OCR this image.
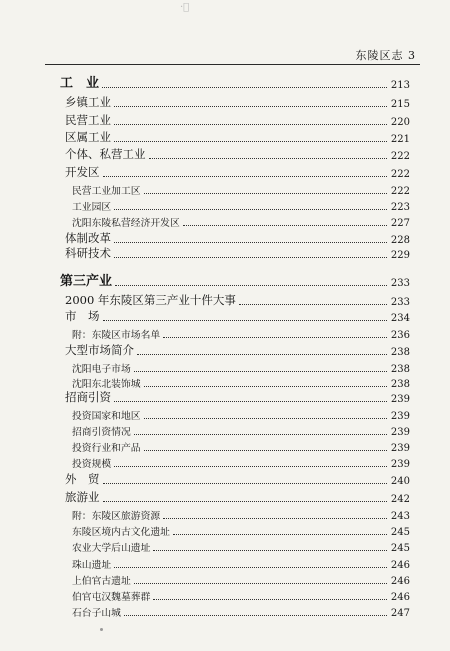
·ﾞ
东陵区志 3
工　业	213
乡镇工业	215
民营工业	220
区属工业	221
个体、私营工业	222
开发区	222
民营工业加工区	222
工业园区	223
沈阳东陵私营经济开发区	227
体制改革	228
科研技术	229
第三产业	233
2000 年东陵区第三产业十件大事	233
市　场	234
附：东陵区市场名单	236
大型市场简介	238
沈阳电子市场	238
沈阳东北装饰城	238
招商引资	239
投资国家和地区	239
招商引资情况	239
投资行业和产品	239
投资规模	239
外　贸	240
旅游业	242
附：东陵区旅游资源	243
东陵区境内古文化遗址	245
农业大学后山遗址	245
珠山遗址	246
上伯官古遗址	246
伯官屯汉魏墓葬群	246
石台子山城	247
